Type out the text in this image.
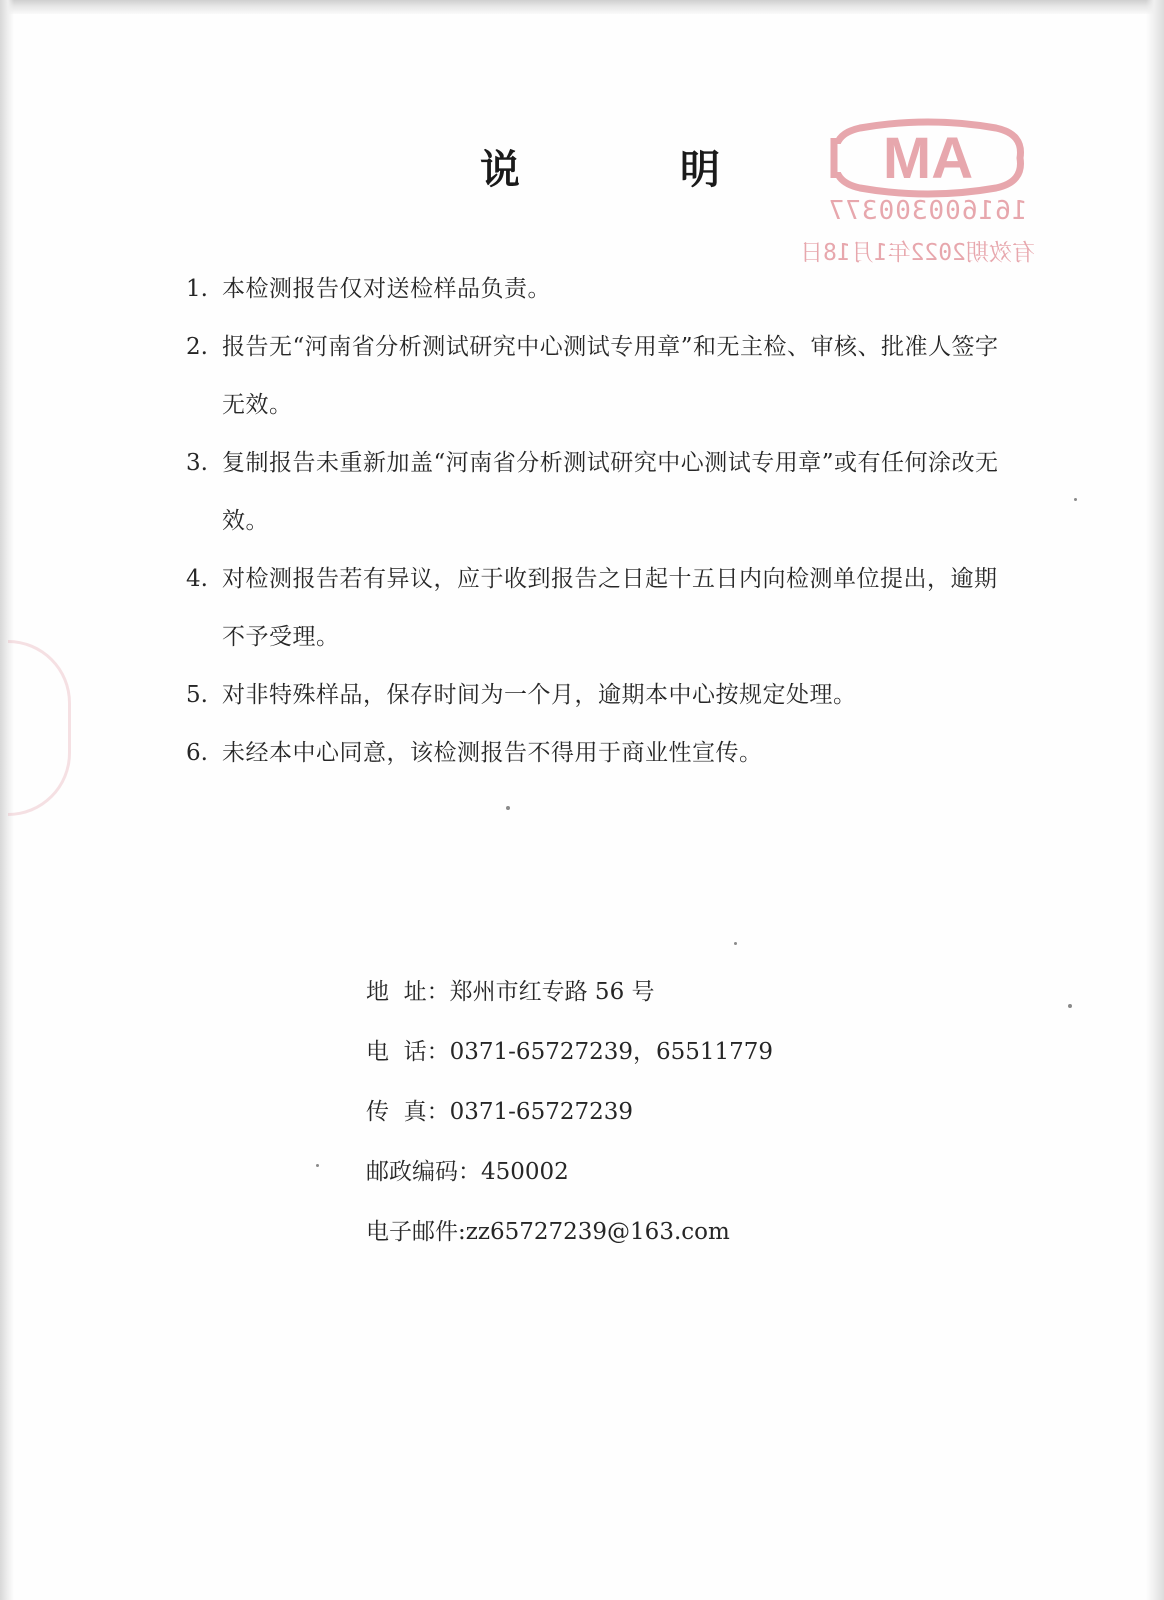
MA
161600300377
有效期2022年1月18日
说	明
1. 本检测报告仅对送检样品负责。
2. 报告无“河南省分析测试研究中心测试专用章”和无主检、审核、批准人签字无效。
3. 复制报告未重新加盖“河南省分析测试研究中心测试专用章”或有任何涂改无效。
4. 对检测报告若有异议，应于收到报告之日起十五日内向检测单位提出，逾期不予受理。
5. 对非特殊样品，保存时间为一个月，逾期本中心按规定处理。
6. 未经本中心同意，该检测报告不得用于商业性宣传。
地  址： 郑州市红专路 56 号
电  话： 0371-65727239，65511779
传  真： 0371-65727239
邮政编码： 450002
电子邮件: zz65727239@163.com
